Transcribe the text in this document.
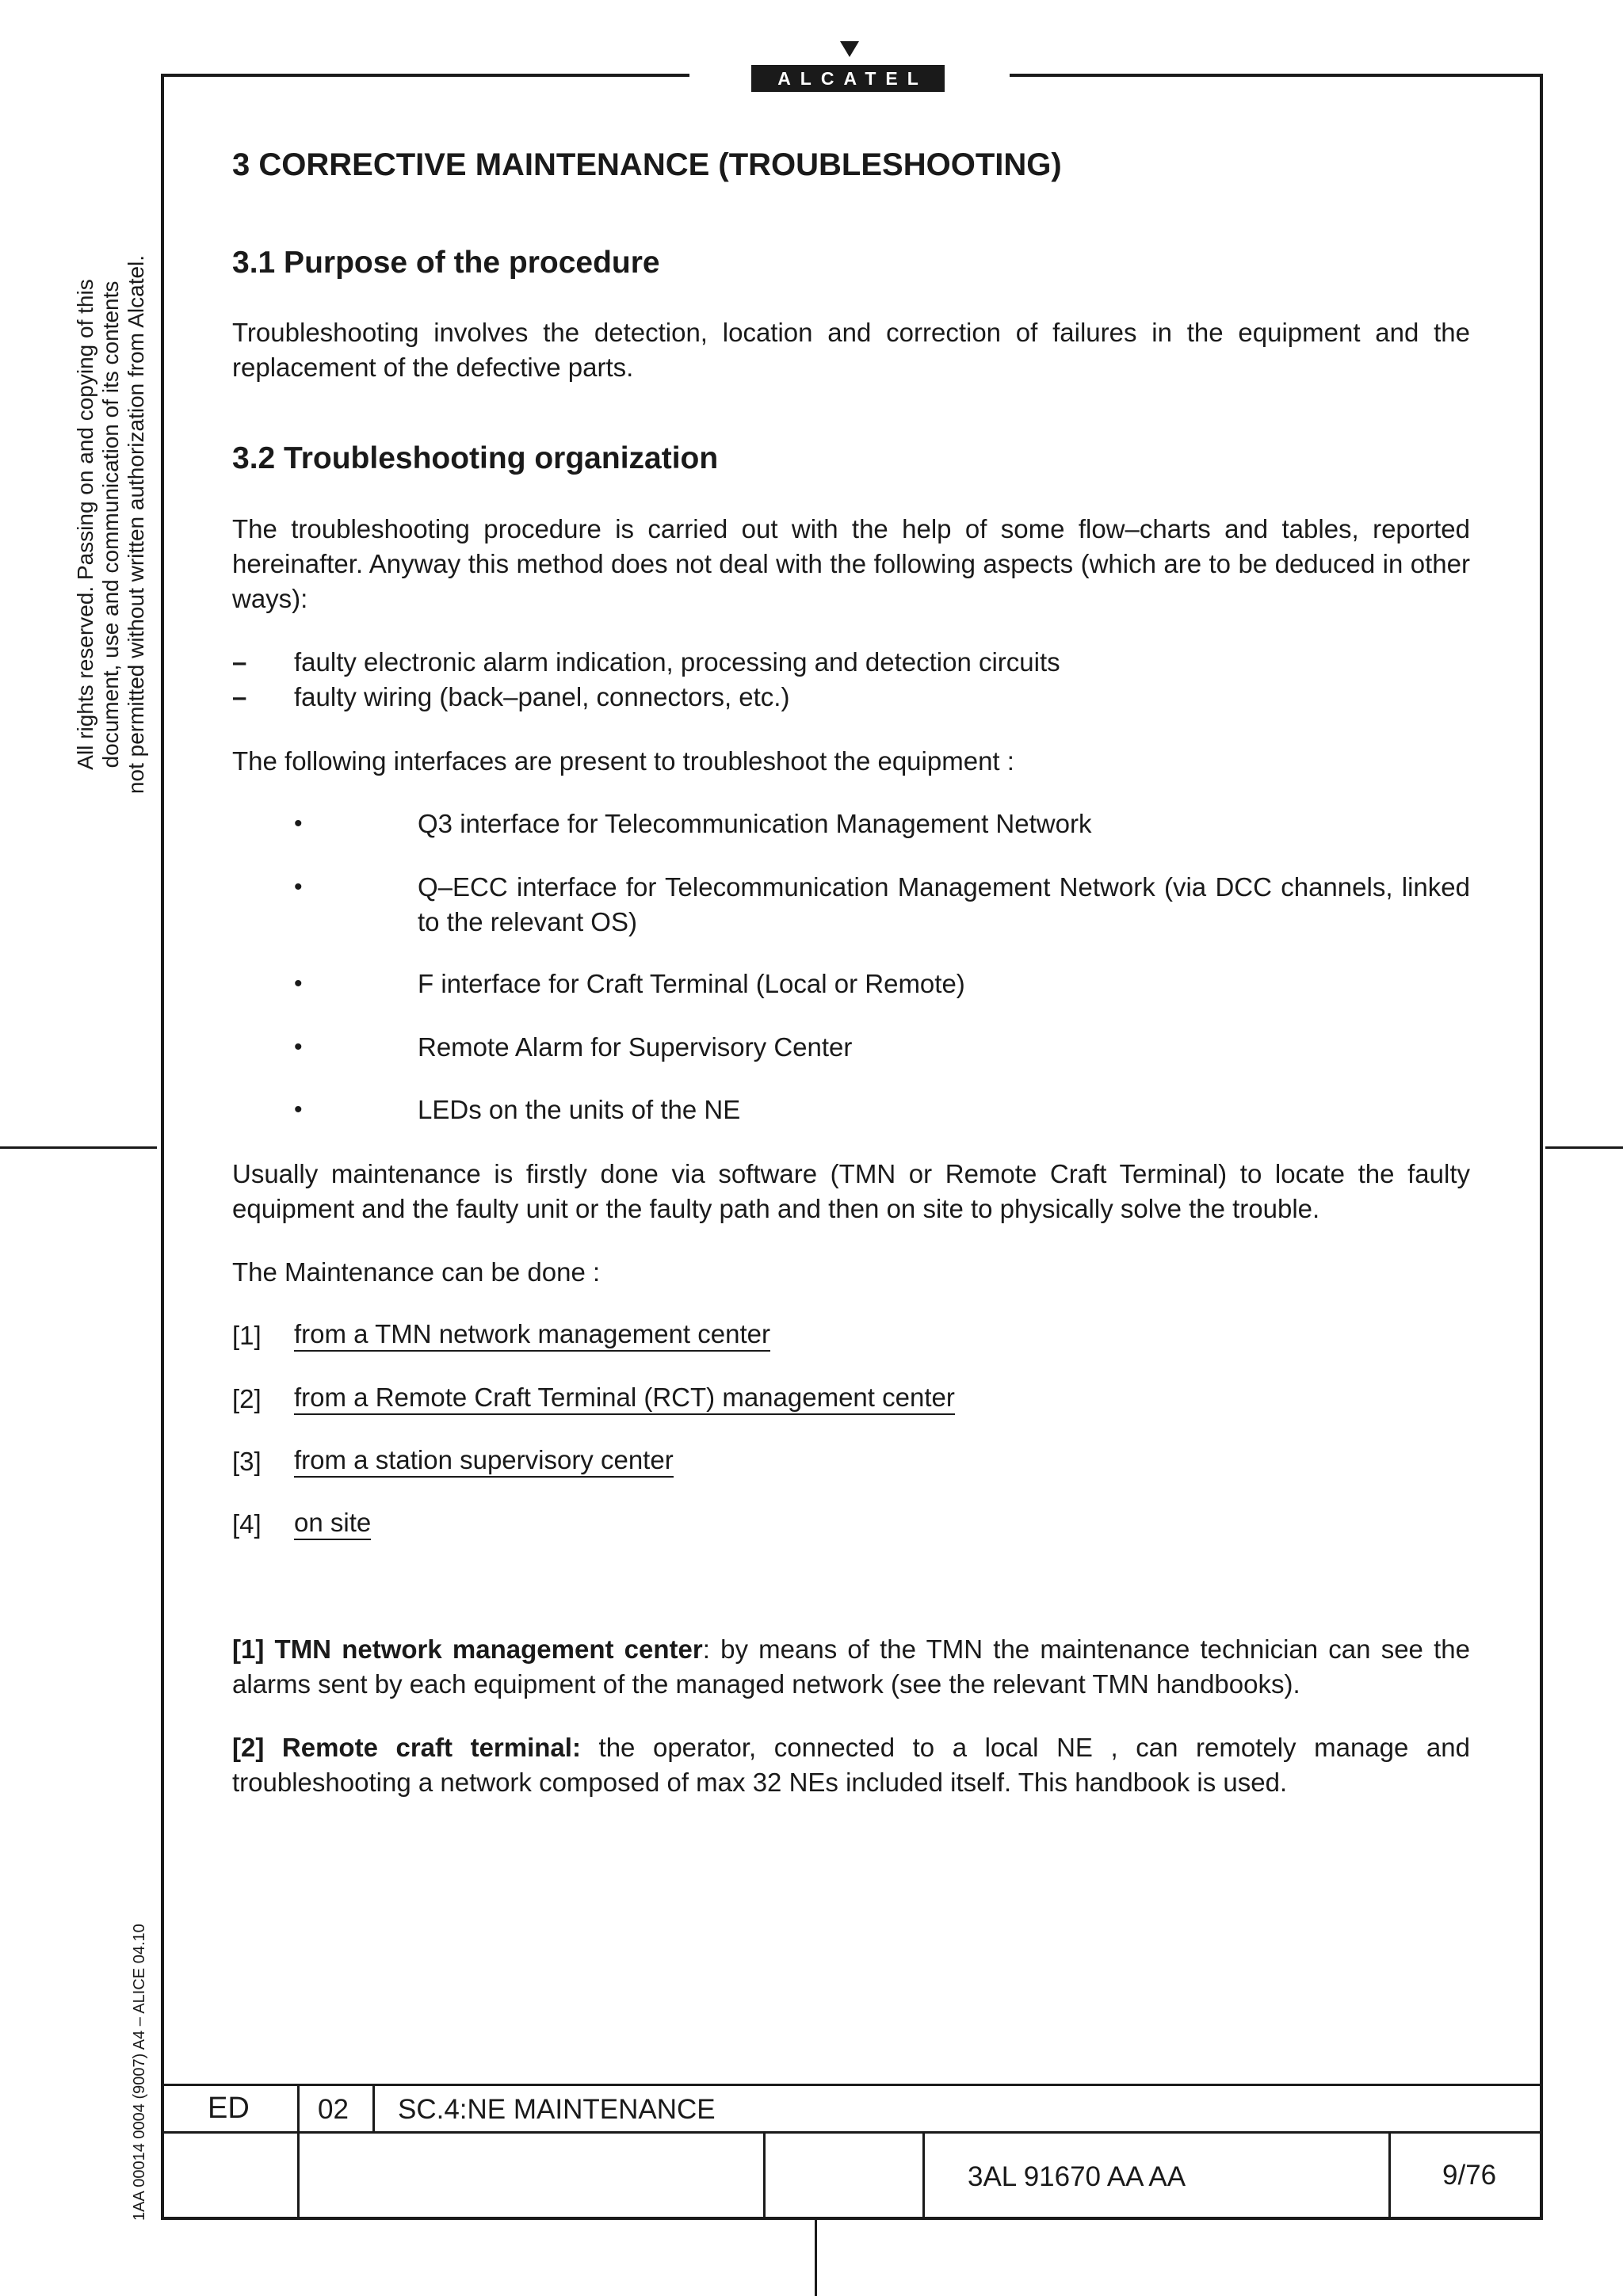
ALCATEL
All rights reserved. Passing on and copying of this document, use and communication of its contents not permitted without written authorization from Alcatel.
1AA 00014 0004 (9007) A4 – ALICE 04.10
3 CORRECTIVE MAINTENANCE (TROUBLESHOOTING)
3.1 Purpose of the procedure
Troubleshooting involves the detection, location and correction of failures in the equipment and the replacement of the defective parts.
3.2 Troubleshooting organization
The troubleshooting procedure is carried out with the help of some flow–charts and tables, reported hereinafter. Anyway this method does not deal with the following aspects (which are to be deduced in other ways):
– faulty electronic alarm indication, processing and detection circuits
– faulty wiring (back–panel, connectors, etc.)
The following interfaces are present to troubleshoot the equipment :
•	Q3 interface for Telecommunication Management Network
•	Q–ECC interface for Telecommunication Management Network (via DCC channels, linked to the relevant OS)
•	F interface for Craft Terminal (Local or Remote)
•	Remote Alarm for Supervisory Center
•	LEDs on the units of the NE
Usually maintenance is firstly done via software (TMN or Remote Craft Terminal) to locate the faulty equipment and the faulty unit or the faulty path and then on site to physically solve the trouble.
The Maintenance can be done :
[1] from a TMN network management center
[2] from a Remote Craft Terminal (RCT) management center
[3] from a station supervisory center
[4] on site
[1] TMN network management center: by means of the TMN the maintenance technician can see the alarms sent by each equipment of the managed network (see the relevant TMN handbooks).
[2] Remote craft terminal: the operator, connected to a local NE , can remotely manage and troubleshooting a network composed of max 32 NEs included itself. This handbook is used.
ED 02 SC.4:NE MAINTENANCE
3AL 91670 AA AA	9/76
